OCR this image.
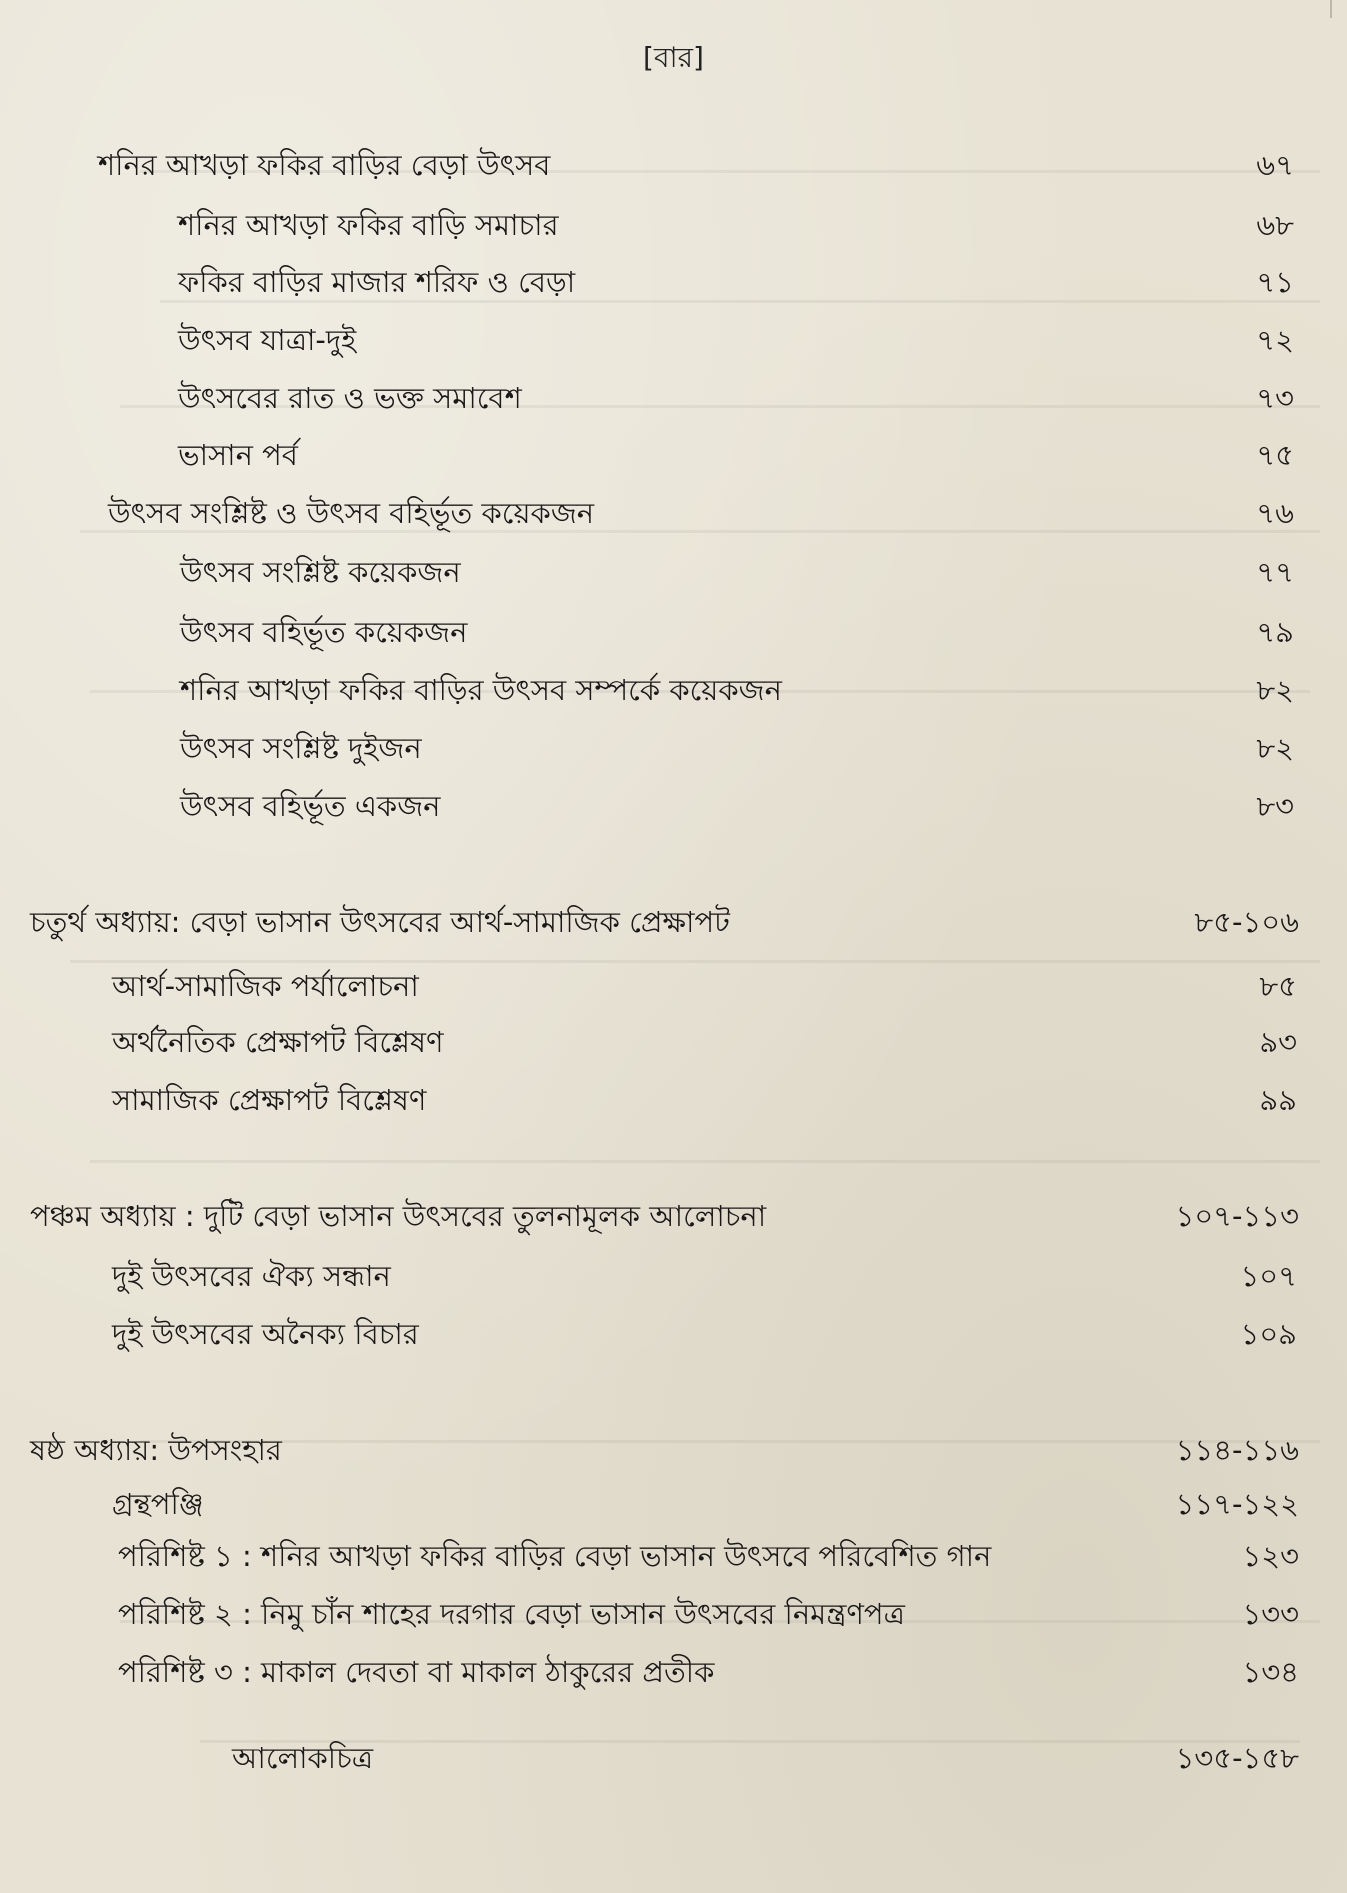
[বার]
শনির আখড়া ফকির বাড়ির বেড়া উৎসব	৬৭
শনির আখড়া ফকির বাড়ি সমাচার	৬৮
ফকির বাড়ির মাজার শরিফ ও বেড়া	৭১
উৎসব যাত্রা-দুই	৭২
উৎসবের রাত ও ভক্ত সমাবেশ	৭৩
ভাসান পর্ব	৭৫
উৎসব সংশ্লিষ্ট ও উৎসব বহির্ভূত কয়েকজন	৭৬
উৎসব সংশ্লিষ্ট কয়েকজন	৭৭
উৎসব বহির্ভূত কয়েকজন	৭৯
শনির আখড়া ফকির বাড়ির উৎসব সম্পর্কে কয়েকজন	৮২
উৎসব সংশ্লিষ্ট দুইজন	৮২
উৎসব বহির্ভূত একজন	৮৩
চতুর্থ অধ্যায়: বেড়া ভাসান উৎসবের আর্থ-সামাজিক প্রেক্ষাপট	৮৫-১০৬
আর্থ-সামাজিক পর্যালোচনা	৮৫
অর্থনৈতিক প্রেক্ষাপট বিশ্লেষণ	৯৩
সামাজিক প্রেক্ষাপট বিশ্লেষণ	৯৯
পঞ্চম অধ্যায় : দুটি বেড়া ভাসান উৎসবের তুলনামূলক আলোচনা	১০৭-১১৩
দুই উৎসবের ঐক্য সন্ধান	১০৭
দুই উৎসবের অনৈক্য বিচার	১০৯
ষষ্ঠ অধ্যায়: উপসংহার	১১৪-১১৬
গ্রন্থপঞ্জি	১১৭-১২২
পরিশিষ্ট ১ : শনির আখড়া ফকির বাড়ির বেড়া ভাসান উৎসবে পরিবেশিত গান	১২৩
পরিশিষ্ট ২ : নিমু চাঁন শাহের দরগার বেড়া ভাসান উৎসবের নিমন্ত্রণপত্র	১৩৩
পরিশিষ্ট ৩ : মাকাল দেবতা বা মাকাল ঠাকুরের প্রতীক	১৩৪
আলোকচিত্র	১৩৫-১৫৮
